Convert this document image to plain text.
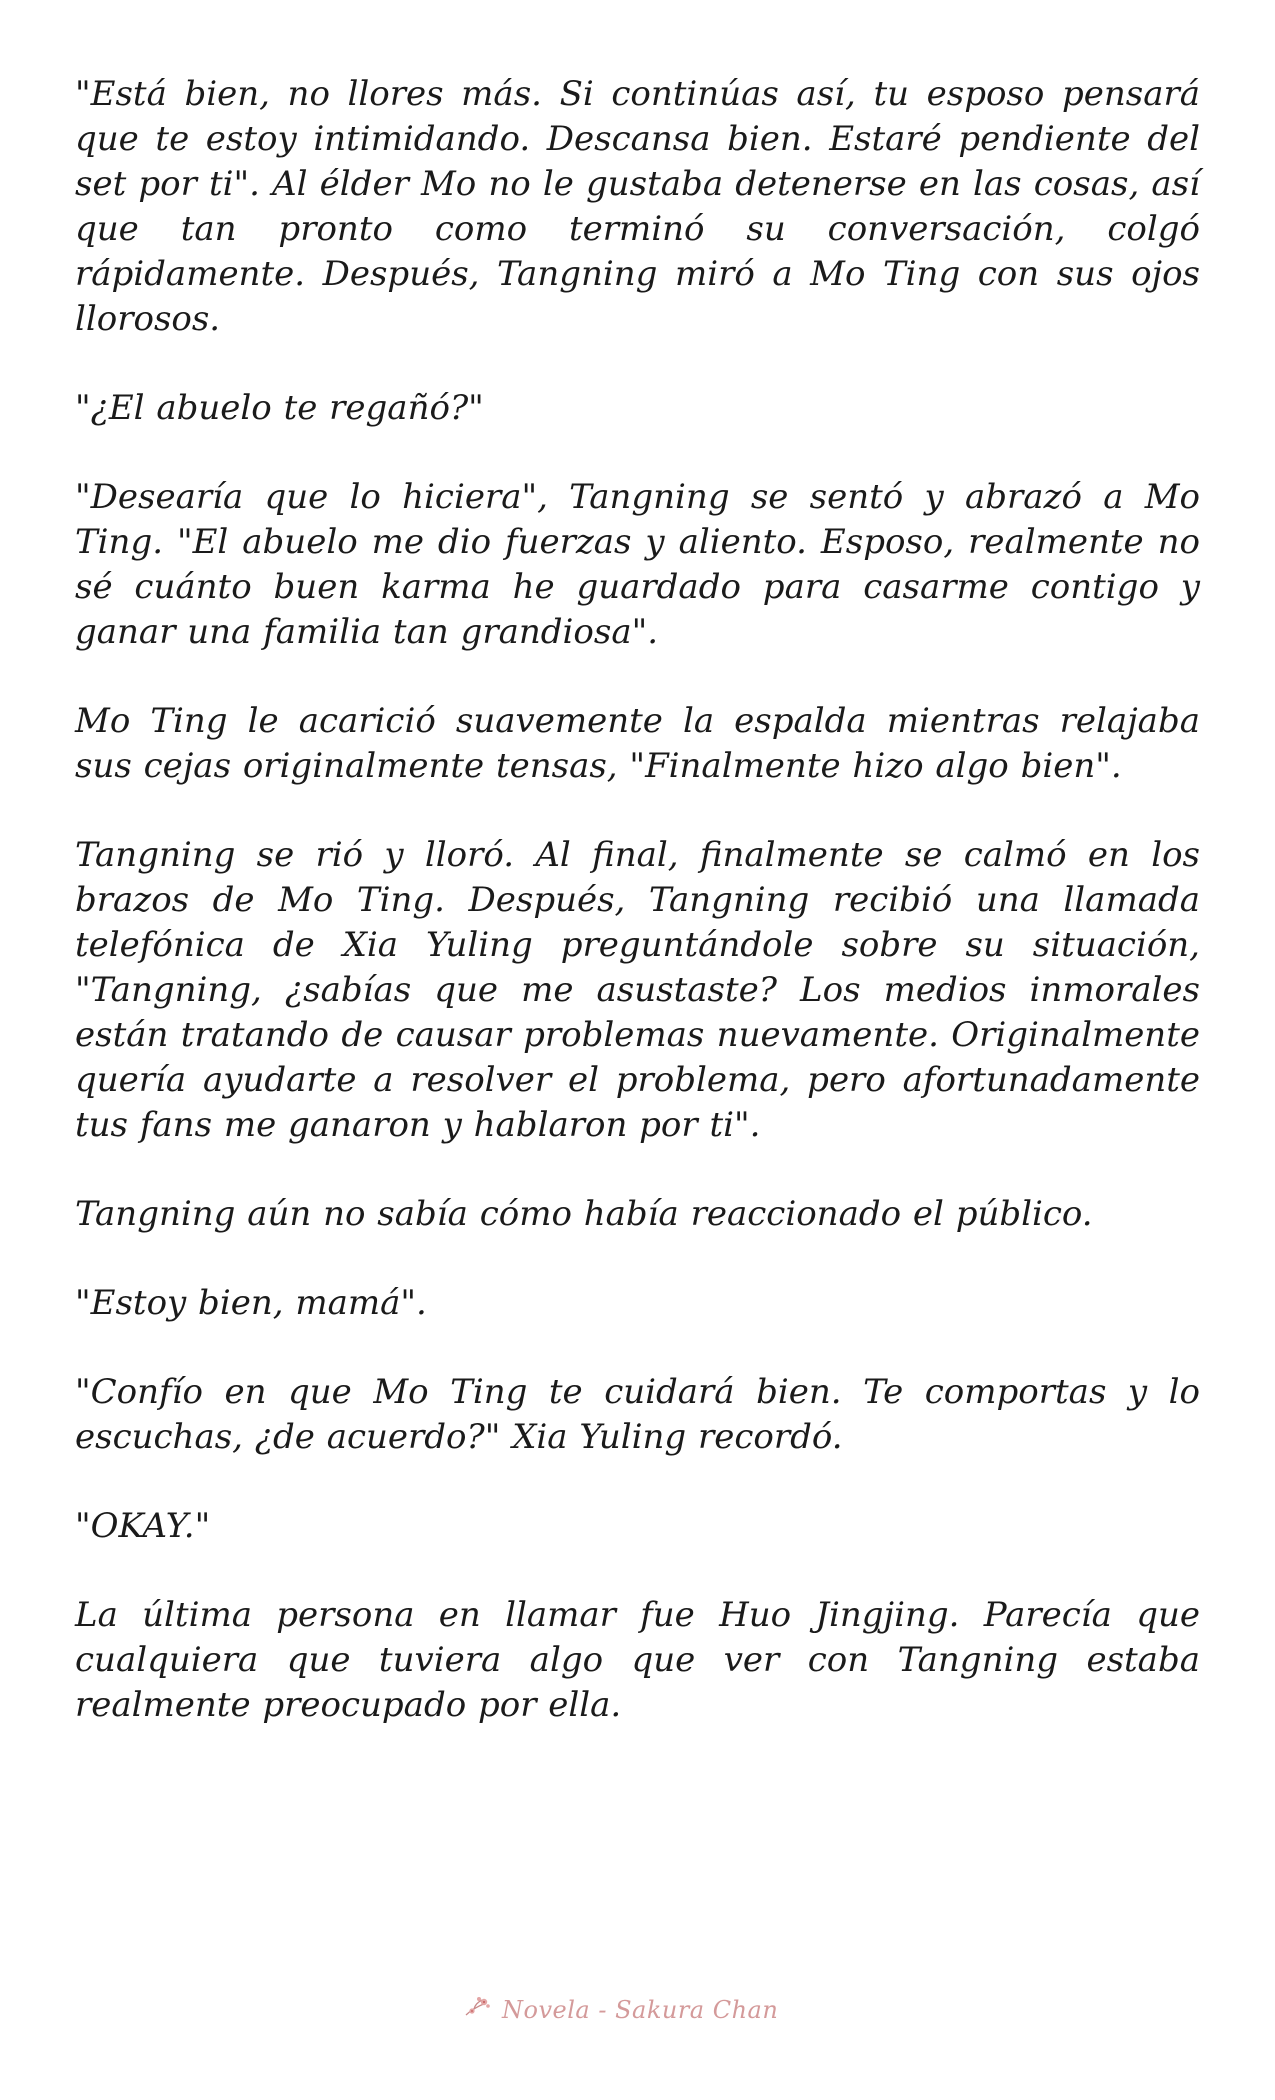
"Está bien, no llores más. Si continúas así, tu esposo pensará que te estoy intimidando. Descansa bien. Estaré pendiente del set por ti". Al élder Mo no le gustaba detenerse en las cosas, así que tan pronto como terminó su conversación, colgó rápidamente. Después, Tangning miró a Mo Ting con sus ojos llorosos.

"¿El abuelo te regañó?"

"Desearía que lo hiciera", Tangning se sentó y abrazó a Mo Ting. "El abuelo me dio fuerzas y aliento. Esposo, realmente no sé cuánto buen karma he guardado para casarme contigo y ganar una familia tan grandiosa".

Mo Ting le acarició suavemente la espalda mientras relajaba sus cejas originalmente tensas, "Finalmente hizo algo bien".

Tangning se rió y lloró. Al final, finalmente se calmó en los brazos de Mo Ting. Después, Tangning recibió una llamada telefónica de Xia Yuling preguntándole sobre su situación, "Tangning, ¿sabías que me asustaste? Los medios inmorales están tratando de causar problemas nuevamente. Originalmente quería ayudarte a resolver el problema, pero afortunadamente tus fans me ganaron y hablaron por ti".

Tangning aún no sabía cómo había reaccionado el público.

"Estoy bien, mamá".

"Confío en que Mo Ting te cuidará bien. Te comportas y lo escuchas, ¿de acuerdo?" Xia Yuling recordó.

"OKAY."

La última persona en llamar fue Huo Jingjing. Parecía que cualquiera que tuviera algo que ver con Tangning estaba realmente preocupado por ella.

Novela - Sakura Chan
